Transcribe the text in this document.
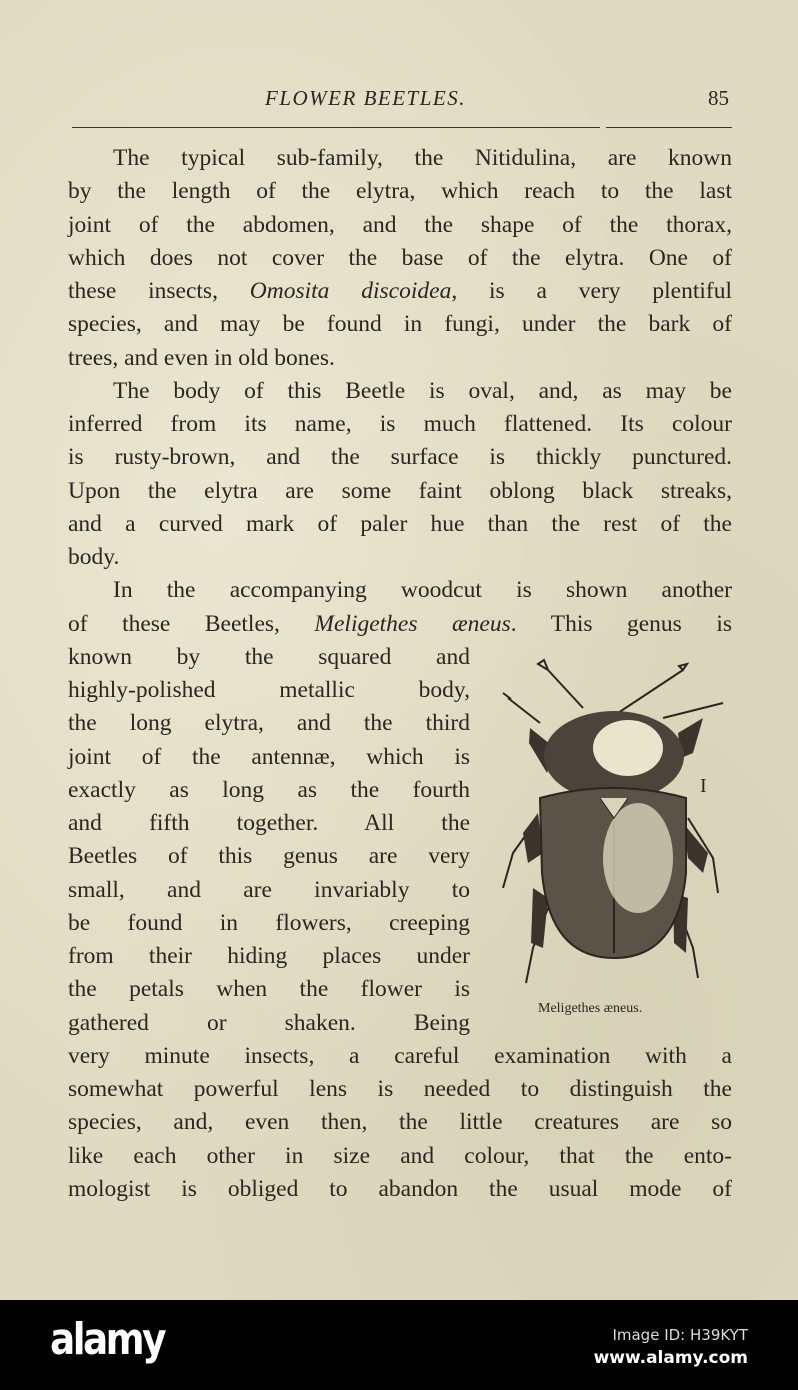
FLOWER BEETLES.	85
The typical sub-family, the Nitidulina, are known
by the length of the elytra, which reach to the last
joint of the abdomen, and the shape of the thorax,
which does not cover the base of the elytra. One of
these insects, Omosita discoidea, is a very plentiful
species, and may be found in fungi, under the bark of
trees, and even in old bones.
The body of this Beetle is oval, and, as may be
inferred from its name, is much flattened. Its colour
is rusty-brown, and the surface is thickly punctured.
Upon the elytra are some faint oblong black streaks,
and a curved mark of paler hue than the rest of the
body.
In the accompanying woodcut is shown another
of these Beetles, Meligethes æneus. This genus is
known by the squared and
highly-polished metallic body,
the long elytra, and the third
joint of the antennæ, which is
exactly as long as the fourth
and fifth together. All the
Beetles of this genus are very
small, and are invariably to
be found in flowers, creeping
from their hiding places under
the petals when the flower is
gathered or shaken. Being
very minute insects, a careful examination with a
somewhat powerful lens is needed to distinguish the
species, and, even then, the little creatures are so
like each other in size and colour, that the ento-
mologist is obliged to abandon the usual mode of
I
Meligethes æneus.
alamy	Image ID: H39KYT
www.alamy.com
